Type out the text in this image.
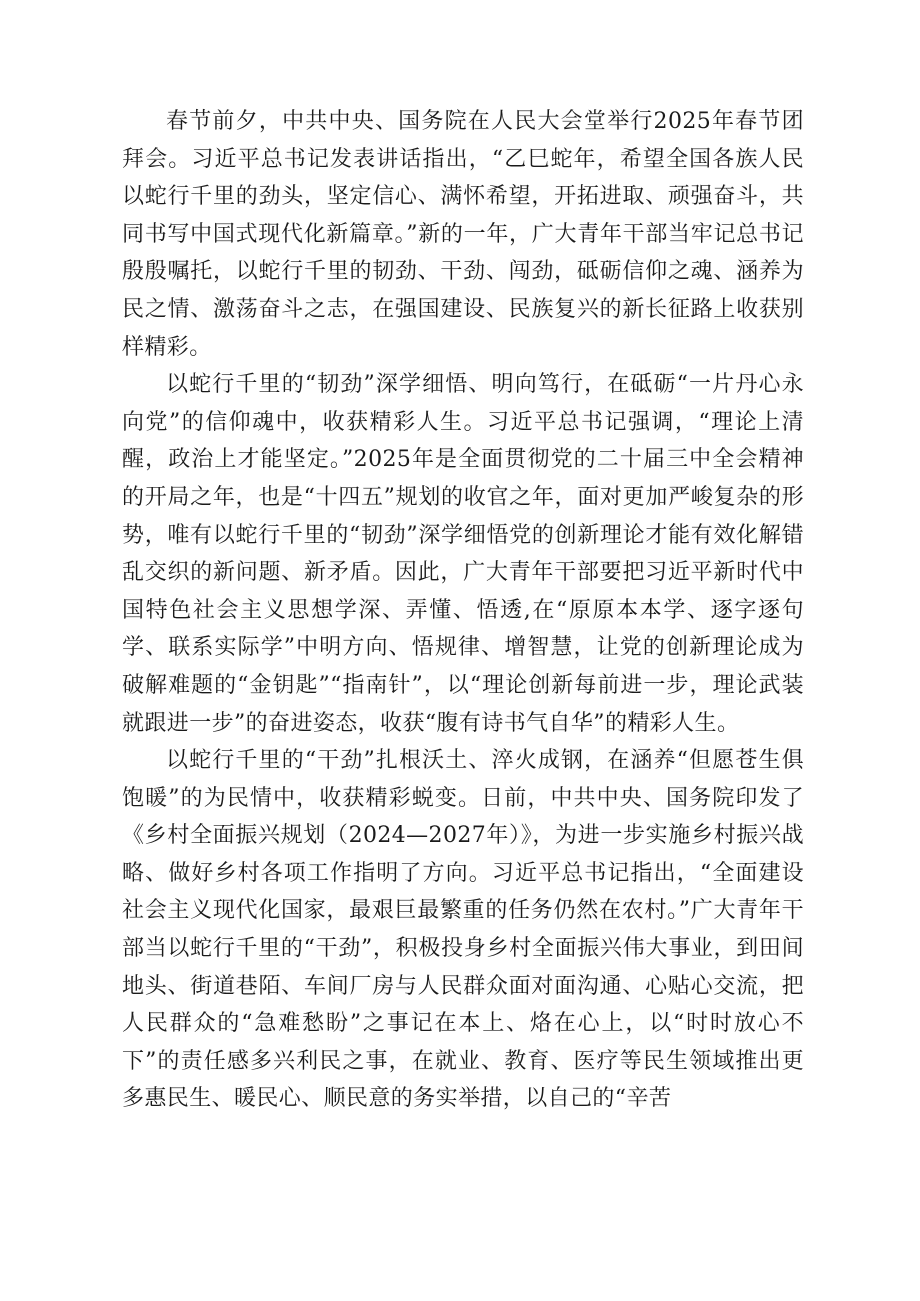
春节前夕，中共中央、国务院在人民大会堂举行2025年春节团拜会。习近平总书记发表讲话指出，“乙巳蛇年，希望全国各族人民以蛇行千里的劲头，坚定信心、满怀希望，开拓进取、顽强奋斗，共同书写中国式现代化新篇章。”新的一年，广大青年干部当牢记总书记殷殷嘱托，以蛇行千里的韧劲、干劲、闯劲，砥砺信仰之魂、涵养为民之情、激荡奋斗之志，在强国建设、民族复兴的新长征路上收获别样精彩。

以蛇行千里的“韧劲”深学细悟、明向笃行，在砥砺“一片丹心永向党”的信仰魂中，收获精彩人生。习近平总书记强调，“理论上清醒，政治上才能坚定。”2025年是全面贯彻党的二十届三中全会精神的开局之年，也是“十四五”规划的收官之年，面对更加严峻复杂的形势，唯有以蛇行千里的“韧劲”深学细悟党的创新理论才能有效化解错乱交织的新问题、新矛盾。因此，广大青年干部要把习近平新时代中国特色社会主义思想学深、弄懂、悟透,在“原原本本学、逐字逐句学、联系实际学”中明方向、悟规律、增智慧，让党的创新理论成为破解难题的“金钥匙”“指南针”，以“理论创新每前进一步，理论武装就跟进一步”的奋进姿态，收获“腹有诗书气自华”的精彩人生。

以蛇行千里的“干劲”扎根沃土、淬火成钢，在涵养“但愿苍生俱饱暖”的为民情中，收获精彩蜕变。日前，中共中央、国务院印发了《乡村全面振兴规划（2024—2027年）》，为进一步实施乡村振兴战略、做好乡村各项工作指明了方向。习近平总书记指出，“全面建设社会主义现代化国家，最艰巨最繁重的任务仍然在农村。”广大青年干部当以蛇行千里的“干劲”，积极投身乡村全面振兴伟大事业，到田间地头、街道巷陌、车间厂房与人民群众面对面沟通、心贴心交流，把人民群众的“急难愁盼”之事记在本上、烙在心上，以“时时放心不下”的责任感多兴利民之事，在就业、教育、医疗等民生领域推出更多惠民生、暖民心、顺民意的务实举措，以自己的“辛苦
